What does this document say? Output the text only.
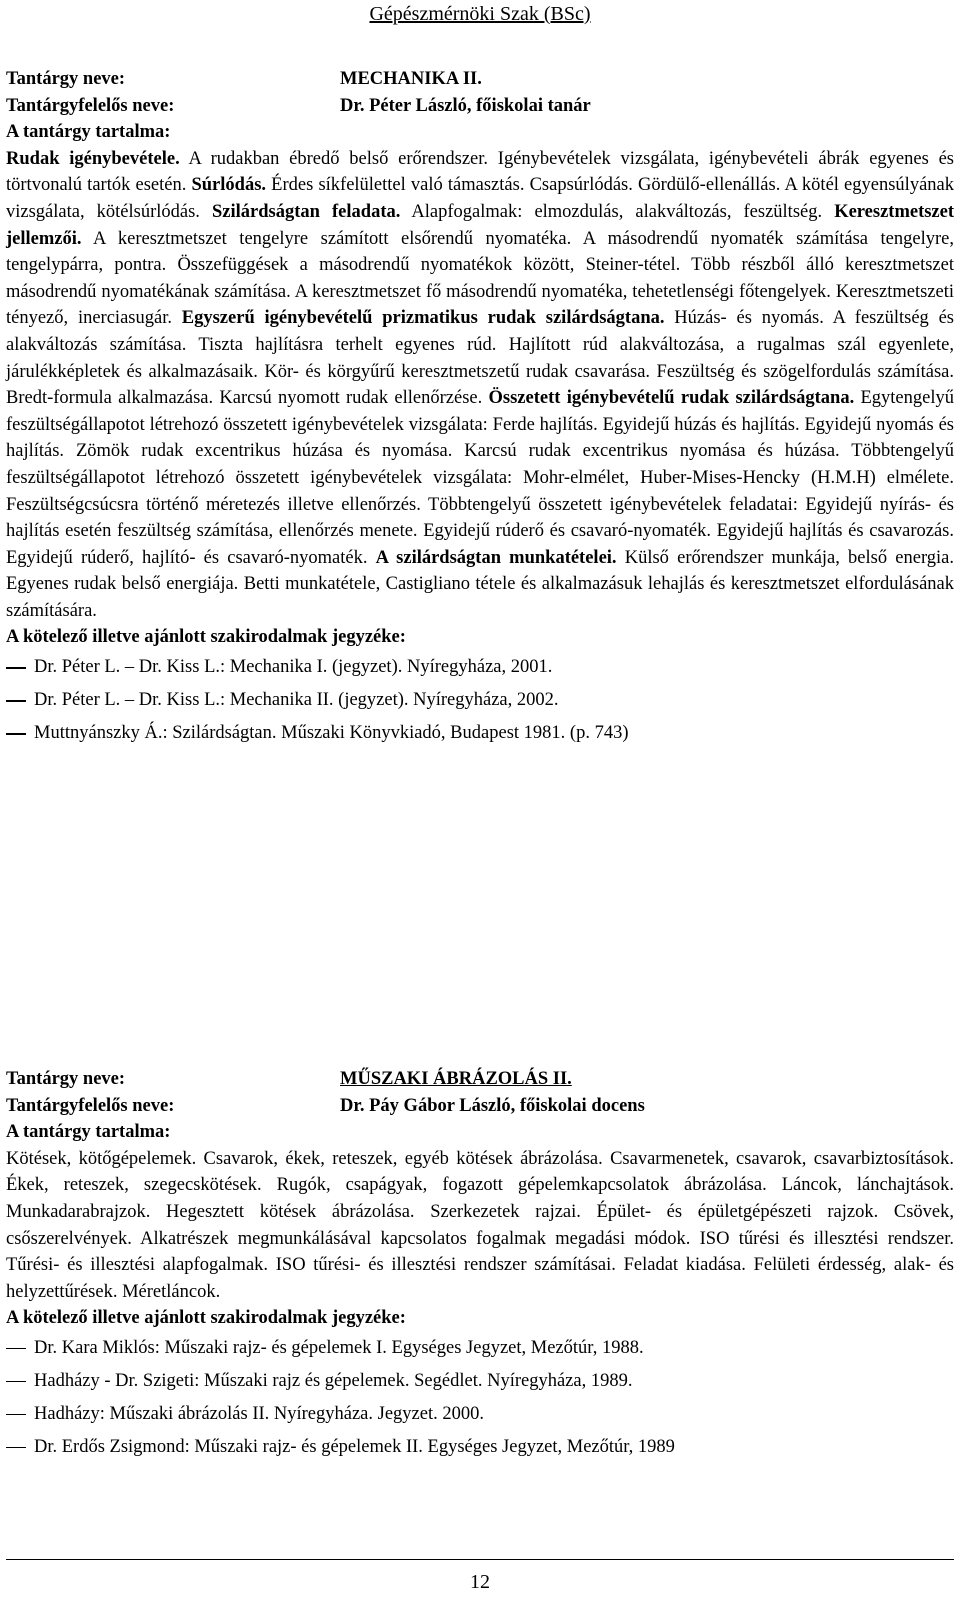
Gépészmérnöki Szak (BSc)
Tantárgy neve:	MECHANIKA II.
Tantárgyfelelős neve:	Dr. Péter László, főiskolai tanár
A tantárgy tartalma:

Rudak igénybevétele. A rudakban ébredő belső erőrendszer. Igénybevételek vizsgálata, igénybevételi ábrák egyenes és törtvonalú tartók esetén. Súrlódás. Érdes síkfelülettel való támasztás. Csapsúrlódás. Gördülő-ellenállás. A kötél egyensúlyának vizsgálata, kötélsúrlódás. Szilárdságtan feladata. Alapfogalmak: elmozdulás, alakváltozás, feszültség. Keresztmetszet jellemzői. A keresztmetszet tengelyre számított elsőrendű nyomatéka. A másodrendű nyomaték számítása tengelyre, tengelypárra, pontra. Összefüggések a másodrendű nyomatékok között, Steiner-tétel. Több részből álló keresztmetszet másodrendű nyomatékának számítása. A keresztmetszet fő másodrendű nyomatéka, tehetetlenségi főtengelyek. Keresztmetszeti tényező, inerciasugár. Egyszerű igénybevételű prizmatikus rudak szilárdságtana. Húzás- és nyomás. A feszültség és alakváltozás számítása. Tiszta hajlításra terhelt egyenes rúd. Hajlított rúd alakváltozása, a rugalmas szál egyenlete, járulékképletek és alkalmazásaik. Kör- és körgyűrű keresztmetszetű rudak csavarása. Feszültség és szögelfordulás számítása. Bredt-formula alkalmazása. Karcsú nyomott rudak ellenőrzése. Összetett igénybevételű rudak szilárdságtana. Egytengelyű feszültségállapotot létrehozó összetett igénybevételek vizsgálata: Ferde hajlítás. Egyidejű húzás és hajlítás. Egyidejű nyomás és hajlítás. Zömök rudak excentrikus húzása és nyomása. Karcsú rudak excentrikus nyomása és húzása. Többtengelyű feszültségállapotot létrehozó összetett igénybevételek vizsgálata: Mohr-elmélet, Huber-Mises-Hencky (H.M.H) elmélete. Feszültségcsúcsra történő méretezés illetve ellenőrzés. Többtengelyű összetett igénybevételek feladatai: Egyidejű nyírás- és hajlítás esetén feszültség számítása, ellenőrzés menete. Egyidejű rúderő és csavaró-nyomaték. Egyidejű hajlítás és csavarozás. Egyidejű rúderő, hajlító- és csavaró-nyomaték. A szilárdságtan munkatételei. Külső erőrendszer munkája, belső energia. Egyenes rudak belső energiája. Betti munkatétele, Castigliano tétele és alkalmazásuk lehajlás és keresztmetszet elfordulásának számítására.

A kötelező illetve ajánlott szakirodalmak jegyzéke:
Dr. Péter L. – Dr. Kiss L.: Mechanika I. (jegyzet). Nyíregyháza, 2001.
Dr. Péter L. – Dr. Kiss L.: Mechanika II. (jegyzet). Nyíregyháza, 2002.
Muttnyánszky Á.: Szilárdságtan. Műszaki Könyvkiadó, Budapest 1981. (p. 743)
Tantárgy neve:	MŰSZAKI ÁBRÁZOLÁS II.
Tantárgyfelelős neve:	Dr. Páy Gábor László, főiskolai docens
A tantárgy tartalma:

Kötések, kötőgépelemek. Csavarok, ékek, reteszek, egyéb kötések ábrázolása. Csavarmenetek, csavarok, csavarbiztosítások. Ékek, reteszek, szegecskötések. Rugók, csapágyak, fogazott gépelemkapcsolatok ábrázolása. Láncok, lánchajtások. Munkadarabrajzok. Hegesztett kötések ábrázolása. Szerkezetek rajzai. Épület- és épületgépészeti rajzok. Csövek, csőszerelvények. Alkatrészek megmunkálásával kapcsolatos fogalmak megadási módok. ISO tűrési és illesztési rendszer. Tűrési- és illesztési alapfogalmak. ISO tűrési- és illesztési rendszer számításai. Feladat kiadása. Felületi érdesség, alak- és helyzettűrések. Méretláncok.

A kötelező illetve ajánlott szakirodalmak jegyzéke:
Dr. Kara Miklós: Műszaki rajz- és gépelemek I. Egységes Jegyzet, Mezőtúr, 1988.
Hadházy - Dr. Szigeti: Műszaki rajz és gépelemek. Segédlet. Nyíregyháza, 1989.
Hadházy: Műszaki ábrázolás II. Nyíregyháza. Jegyzet. 2000.
Dr. Erdős Zsigmond: Műszaki rajz- és gépelemek II. Egységes Jegyzet, Mezőtúr, 1989
12
